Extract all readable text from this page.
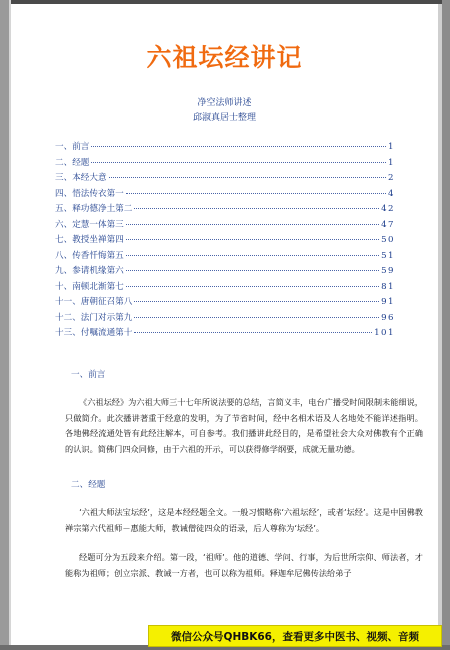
六祖坛经讲记
净空法师讲述
邱淑真居士整理
一、前言	1
二、经题	1
三、本经大意	2
四、悟法传衣第一	4
五、释功德净土第二	42
六、定慧一体第三	47
七、教授坐禅第四	50
八、传香忏悔第五	51
九、参请机缘第六	59
十、南顿北渐第七	81
十一、唐朝征召第八	91
十二、法门对示第九	96
十三、付嘱流通第十	101
一、前言

《六祖坛经》为六祖大师三十七年所说法要的总结，言简义丰，电台广播受时间限制未能细说，只做简介。此次播讲著重于经意的发明，为了节省时间，经中名相术语及人名地处不能详述指明。各地佛经流通处皆有此经注解本，可自参考。我们播讲此经目的，是希望社会大众对佛教有个正确的认识。简佛门四众同修，由于六祖的开示，可以获得修学纲要，成就无量功德。

二、经题

‘六祖大师法宝坛经’，这是本经经题全文。一般习惯略称‘六祖坛经’，或者‘坛经’。这是中国佛教禅宗第六代祖师－惠能大师，教诫僧徒四众的语录，后人尊称为‘坛经’。

经题可分为五段来介绍。第一段，‘祖师’。他的道德、学问、行事，为后世所宗仰、师法者，才能称为祖师；创立宗派、教诫一方者，也可以称为祖师。释迦牟尼佛传法给弟子

微信公众号QHBK66，查看更多中医书、视频、音频
